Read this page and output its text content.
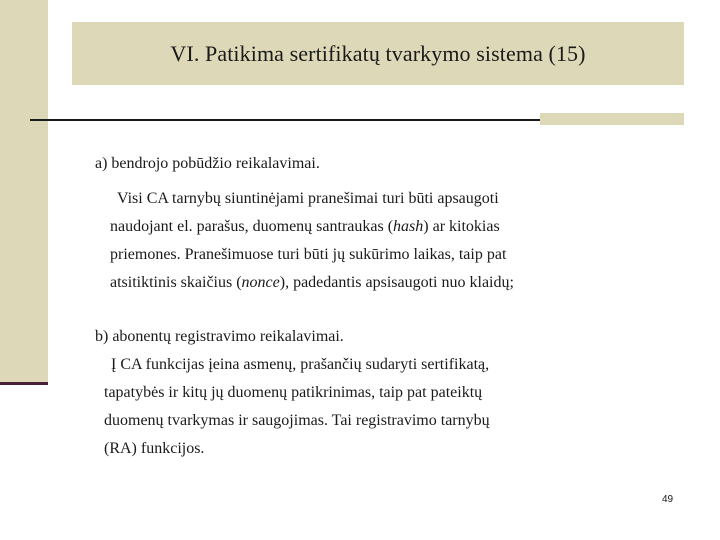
VI. Patikima sertifikatų tvarkymo sistema (15)
a) bendrojo pobūdžio reikalavimai.
Visi CA tarnybų siuntinėjami pranešimai turi būti apsaugoti
naudojant el. parašus, duomenų santraukas (hash) ar kitokias
priemones. Pranešimuose turi būti jų sukūrimo laikas, taip pat
atsitiktinis skaičius (nonce), padedantis apsisaugoti nuo klaidų;
b) abonentų registravimo reikalavimai.
Į CA funkcijas įeina asmenų, prašančių sudaryti sertifikatą,
tapatybės ir kitų jų duomenų patikrinimas, taip pat pateiktų
duomenų tvarkymas ir saugojimas. Tai registravimo tarnybų
(RA) funkcijos.
49
